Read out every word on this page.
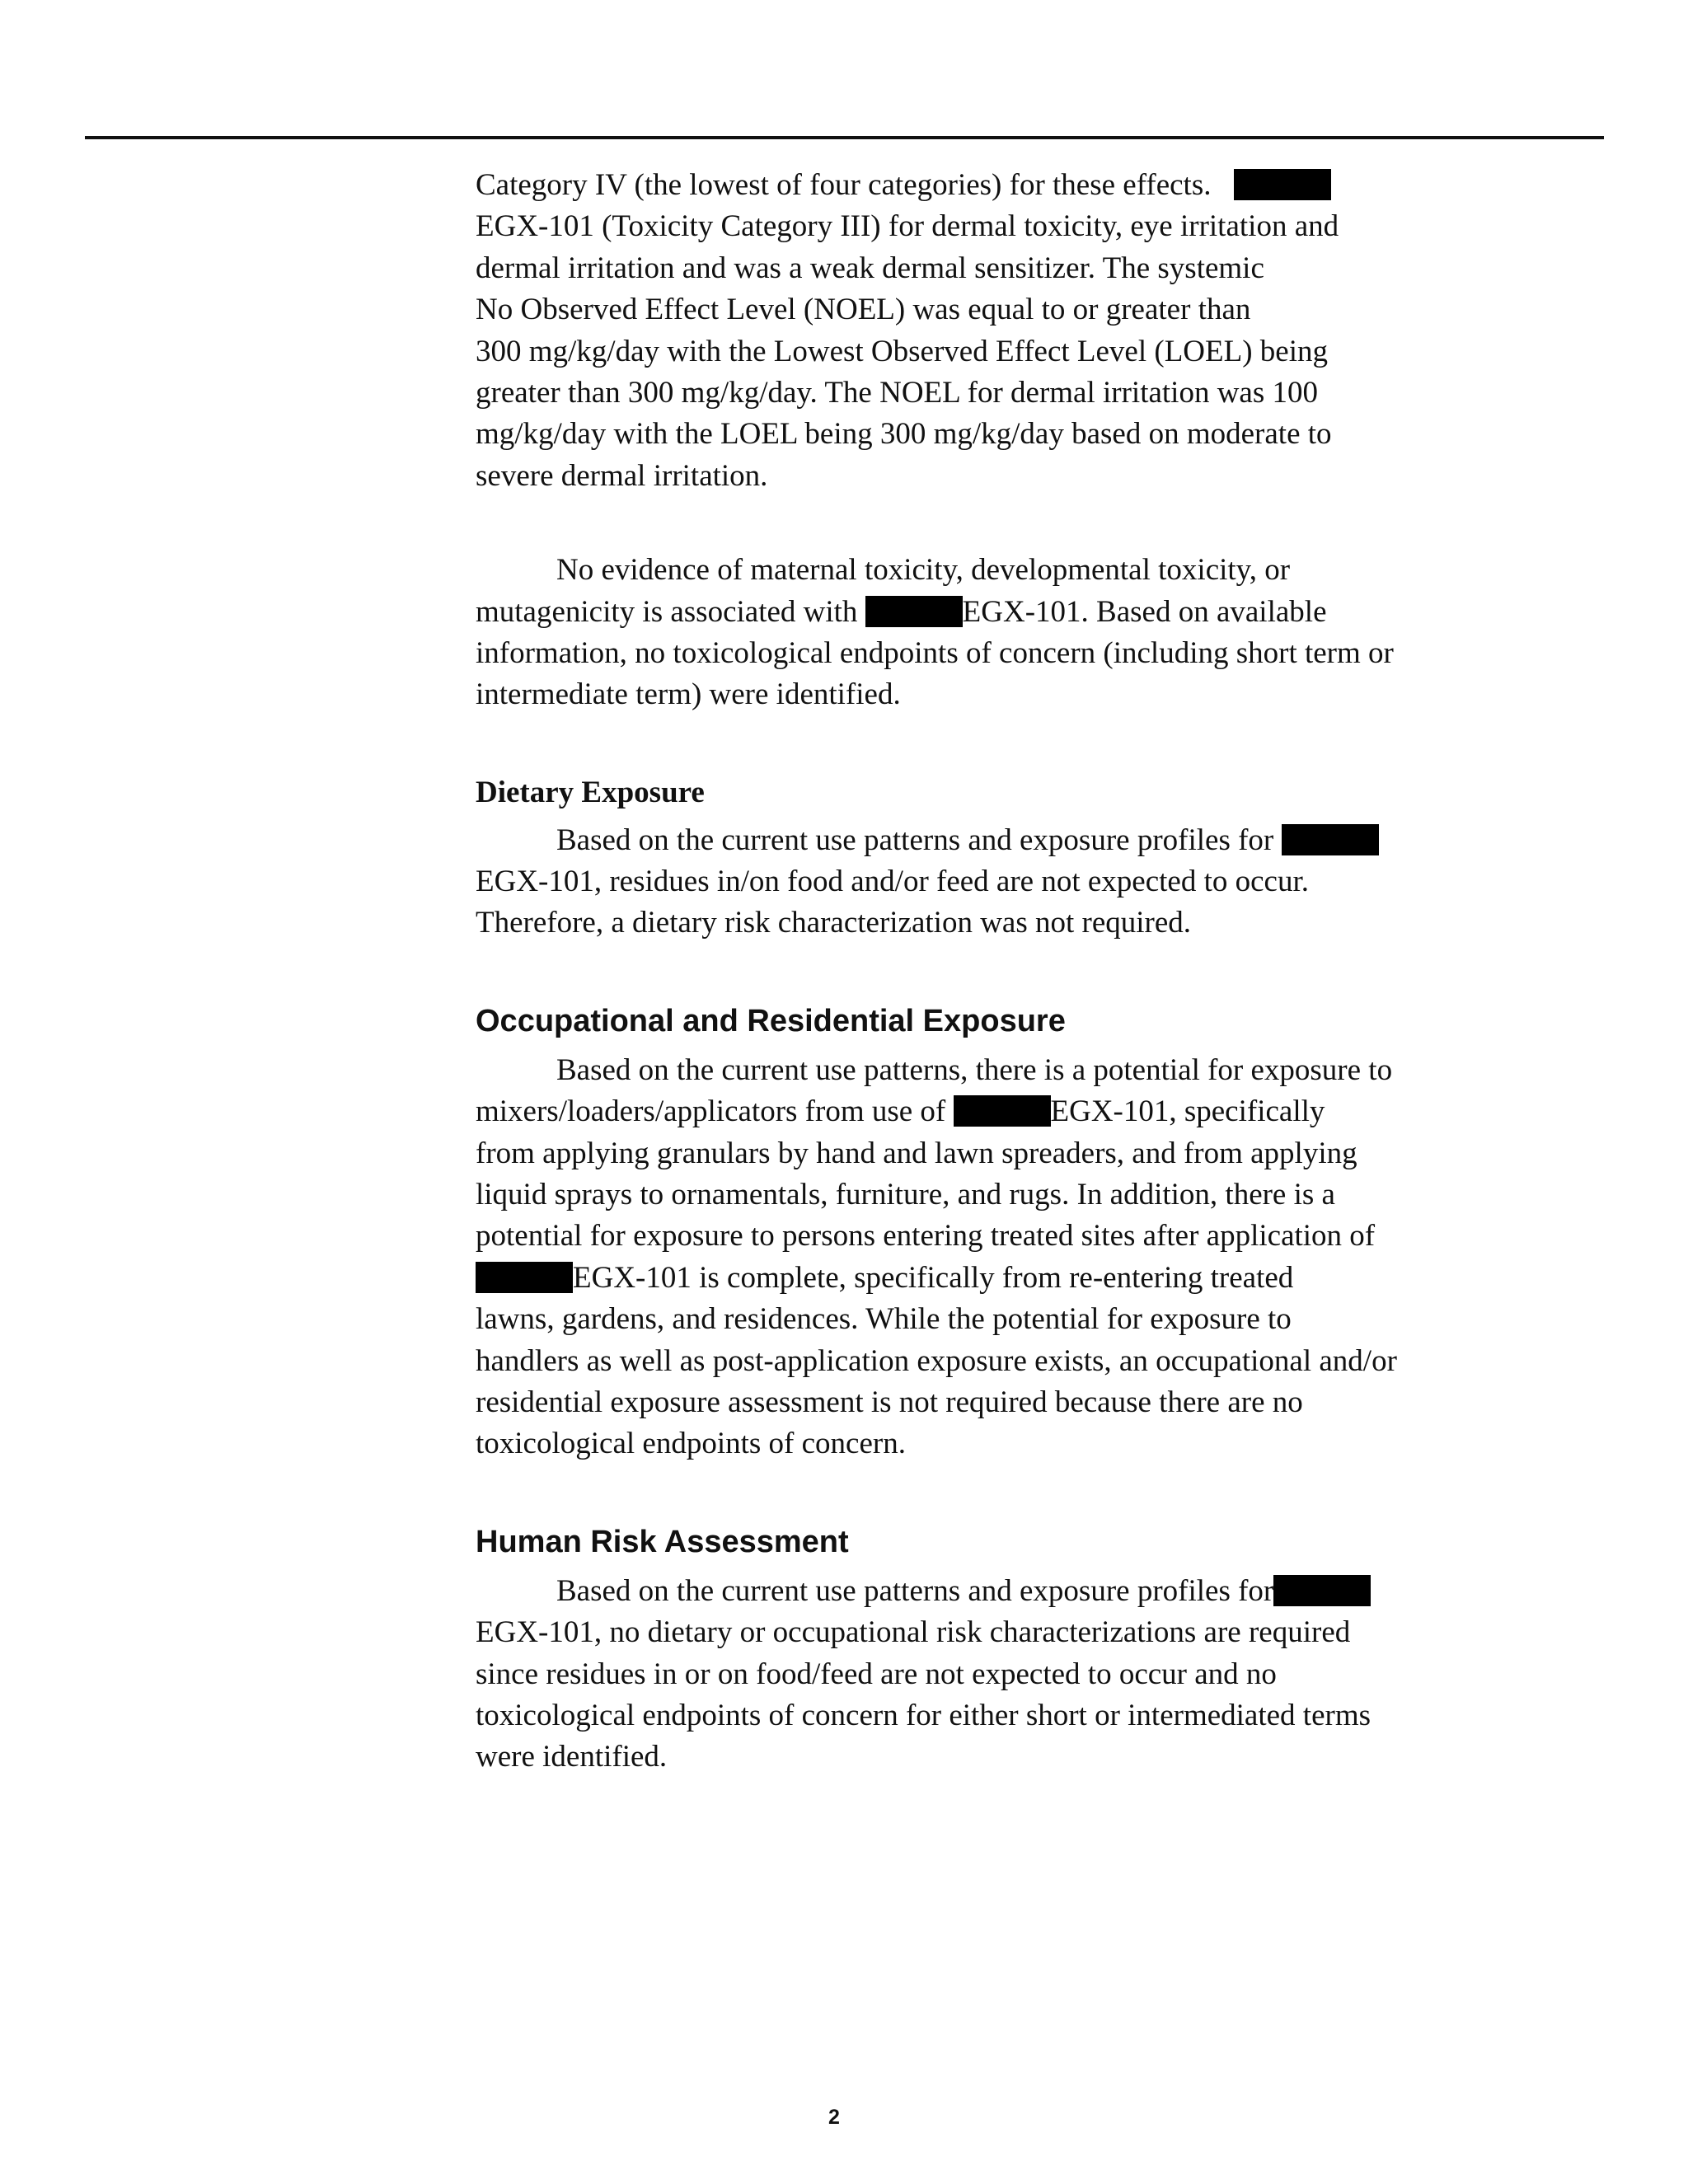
Category IV (the lowest of four categories) for these effects.
EGX-101 (Toxicity Category III) for dermal toxicity, eye irritation and
dermal irritation and was a weak dermal sensitizer. The systemic
No Observed Effect Level (NOEL) was equal to or greater than
300 mg/kg/day with the Lowest Observed Effect Level (LOEL) being
greater than 300 mg/kg/day. The NOEL for dermal irritation was 100
mg/kg/day with the LOEL being 300 mg/kg/day based on moderate to
severe dermal irritation.
No evidence of maternal toxicity, developmental toxicity, or
mutagenicity is associated with	EGX-101. Based on available
information, no toxicological endpoints of concern (including short term or
intermediate term) were identified.
Dietary Exposure
Based on the current use patterns and exposure profiles for
EGX-101, residues in/on food and/or feed are not expected to occur.
Therefore, a dietary risk characterization was not required.
Occupational and Residential Exposure
Based on the current use patterns, there is a potential for exposure to
mixers/loaders/applicators from use of	EGX-101, specifically
from applying granulars by hand and lawn spreaders, and from applying
liquid sprays to ornamentals, furniture, and rugs. In addition, there is a
potential for exposure to persons entering treated sites after application of
EGX-101 is complete, specifically from re-entering treated
lawns, gardens, and residences. While the potential for exposure to
handlers as well as post-application exposure exists, an occupational and/or
residential exposure assessment is not required because there are no
toxicological endpoints of concern.
Human Risk Assessment
Based on the current use patterns and exposure profiles for
EGX-101, no dietary or occupational risk characterizations are required
since residues in or on food/feed are not expected to occur and no
toxicological endpoints of concern for either short or intermediated terms
were identified.
2
